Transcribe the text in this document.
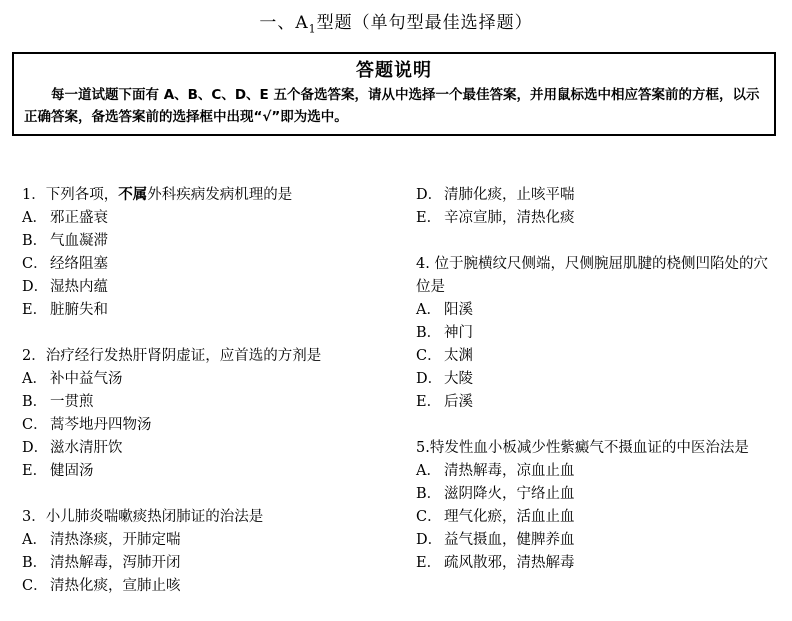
一、$A_1$型题（单句型最佳选择题）
答题说明
每一道试题下面有 A、B、C、D、E 五个备选答案，请从中选择一个最佳答案，并用鼠标选中相应答案前的方框，以示正确答案，备选答案前的选择框中出现“√”即为选中。
1．下列各项，不属外科疾病发病机理的是
A． 邪正盛衰
B． 气血凝滞
C． 经络阻塞
D． 湿热内蕴
E． 脏腑失和
2．治疗经行发热肝肾阴虚证，应首选的方剂是
A． 补中益气汤
B． 一贯煎
C． 蒿芩地丹四物汤
D． 滋水清肝饮
E． 健固汤
3．小儿肺炎喘嗽痰热闭肺证的治法是
A． 清热涤痰，开肺定喘
B． 清热解毒，泻肺开闭
C． 清热化痰，宣肺止咳
D． 清肺化痰，止咳平喘
E． 辛凉宣肺，清热化痰
4. 位于腕横纹尺侧端，尺侧腕屈肌腱的桡侧凹陷处的穴位是
A． 阳溪
B． 神门
C． 太渊
D． 大陵
E． 后溪
5.特发性血小板减少性紫癜气不摄血证的中医治法是
A． 清热解毒，凉血止血
B． 滋阴降火，宁络止血
C． 理气化瘀，活血止血
D． 益气摄血，健脾养血
E． 疏风散邪，清热解毒
